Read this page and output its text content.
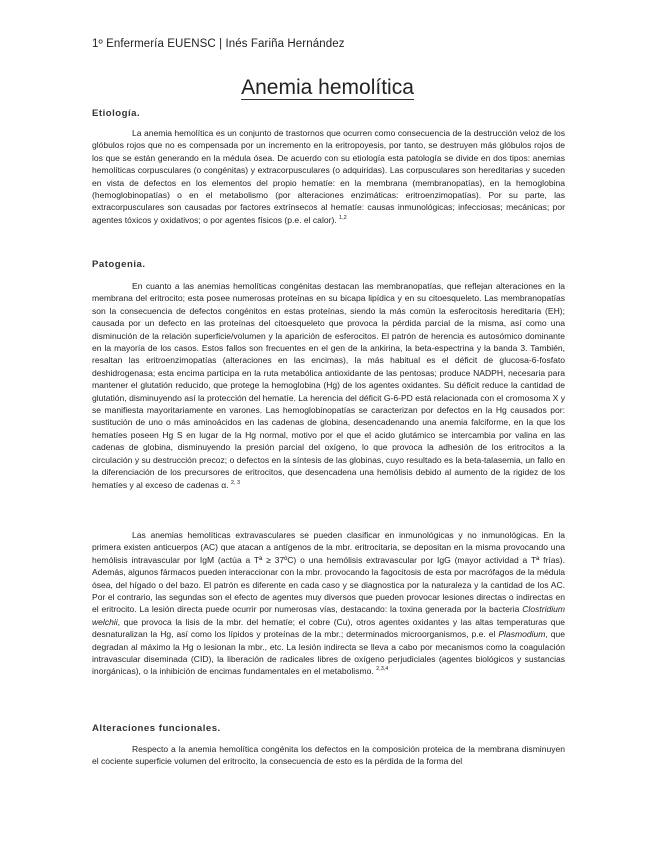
1º Enfermería EUENSC | Inés Fariña Hernández
Anemia hemolítica
Etiología.

La anemia hemolítica es un conjunto de trastornos que ocurren como consecuencia de la destrucción veloz de los glóbulos rojos que no es compensada por un incremento en la eritropoyesis, por tanto, se destruyen más glóbulos rojos de los que se están generando en la médula ósea. De acuerdo con su etiología esta patología se divide en dos tipos: anemias hemolíticas corpusculares (o congénitas) y extracorpusculares (o adquiridas). Las corpusculares son hereditarias y suceden en vista de defectos en los elementos del propio hematíe: en la membrana (membranopatías), en la hemoglobina (hemoglobinopatías) o en el metabolismo (por alteraciones enzimáticas: eritroenzimopatías). Por su parte, las extracorpusculares son causadas por factores extrínsecos al hematíe: causas inmunológicas; infecciosas; mecánicas; por agentes tóxicos y oxidativos; o por agentes físicos (p.e. el calor). $^{1,2}$

Patogenia.

En cuanto a las anemias hemolíticas congénitas destacan las membranopatías, que reflejan alteraciones en la membrana del eritrocito; esta posee numerosas proteínas en su bicapa lipídica y en su citoesqueleto. Las membranopatías son la consecuencia de defectos congénitos en estas proteínas, siendo la más común la esferocitosis hereditaria (EH); causada por un defecto en las proteínas del citoesqueleto que provoca la pérdida parcial de la misma, así como una disminución de la relación superficie/volumen y la aparición de esferocitos. El patrón de herencia es autosómico dominante en la mayoría de los casos. Estos fallos son frecuentes en el gen de la ankirina, la beta-espectrina y la banda 3. También, resaltan las eritroenzimopatías (alteraciones en las encimas), la más habitual es el déficit de glucosa-6-fosfato deshidrogenasa; esta encima participa en la ruta metabólica antioxidante de las pentosas; produce NADPH, necesaria para mantener el glutatión reducido, que protege la hemoglobina (Hg) de los agentes oxidantes. Su déficit reduce la cantidad de glutatión, disminuyendo así la protección del hematíe. La herencia del déficit G-6-PD está relacionada con el cromosoma X y se manifiesta mayoritariamente en varones. Las hemoglobinopatías se caracterizan por defectos en la Hg causados por: sustitución de uno o más aminoácidos en las cadenas de globina, desencadenando una anemia falciforme, en la que los hematíes poseen Hg S en lugar de la Hg normal, motivo por el que el acido glutámico se intercambia por valina en las cadenas de globina, disminuyendo la presión parcial del oxígeno, lo que provoca la adhesión de los eritrocitos a la circulación y su destrucción precoz; o defectos en la síntesis de las globinas, cuyo resultado es la beta-talasemia, un fallo en la diferenciación de los precursores de eritrocitos, que desencadena una hemólisis debido al aumento de la rigidez de los hematíes y al exceso de cadenas α. $^{2, 3}$

Las anemias hemolíticas extravasculares se pueden clasificar en inmunológicas y no inmunológicas. En la primera existen anticuerpos (AC) que atacan a antígenos de la mbr. eritrocitaria, se depositan en la misma provocando una hemólisis intravascular por IgM (actúa a Tª ≥ 37ºC) o una hemólisis extravascular por IgG (mayor actividad a Tª frías). Además, algunos fármacos pueden interaccionar con la mbr. provocando la fagocitosis de esta por macrófagos de la médula ósea, del hígado o del bazo. El patrón es diferente en cada caso y se diagnostica por la naturaleza y la cantidad de los AC. Por el contrario, las segundas son el efecto de agentes muy diversos que pueden provocar lesiones directas o indirectas en el eritrocito. La lesión directa puede ocurrir por numerosas vías, destacando: la toxina generada por la bacteria Clostridium welchii, que provoca la lisis de la mbr. del hematíe; el cobre (Cu), otros agentes oxidantes y las altas temperaturas que desnaturalizan la Hg, así como los lípidos y proteínas de la mbr.; determinados microorganismos, p.e. el Plasmodium, que degradan al máximo la Hg o lesionan la mbr., etc. La lesión indirecta se lleva a cabo por mecanismos como la coagulación intravascular diseminada (CID), la liberación de radicales libres de oxígeno perjudiciales (agentes biológicos y sustancias inorgánicas), o la inhibición de encimas fundamentales en el metabolismo. $^{2,3,4}$

Alteraciones funcionales.

Respecto a la anemia hemolítica congénita los defectos en la composición proteica de la membrana disminuyen el cociente superficie volumen del eritrocito, la consecuencia de esto es la pérdida de la forma del
